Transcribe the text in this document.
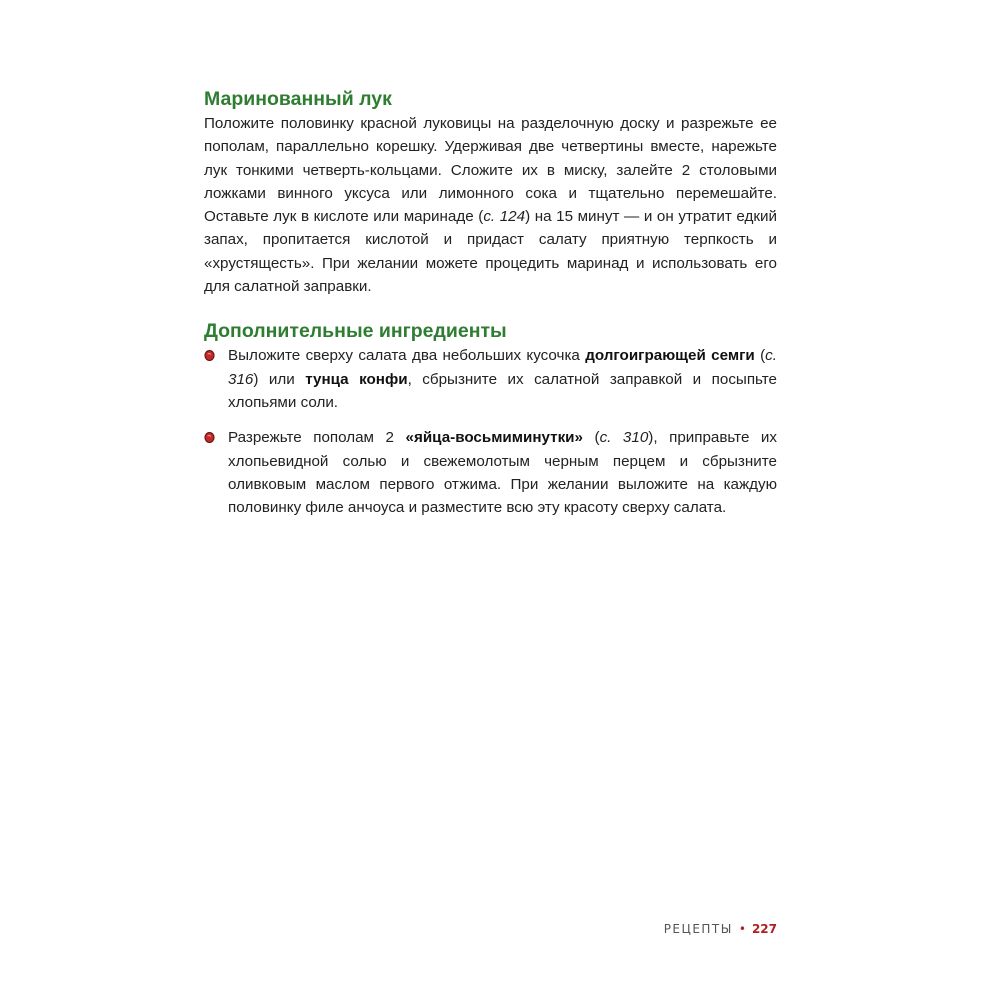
Маринованный лук

Положите половинку красной луковицы на разделочную доску и разрежьте ее пополам, параллельно корешку. Удерживая две четвертины вместе, нарежьте лук тонкими четверть-кольцами. Сложите их в миску, залейте 2 столовыми ложками винного уксуса или лимонного сока и тщательно перемешайте. Оставьте лук в кислоте или маринаде (с. 124) на 15 минут — и он утратит едкий запах, пропитается кислотой и придаст салату приятную терпкость и «хрустящесть». При желании можете процедить маринад и использовать его для салатной заправки.

Дополнительные ингредиенты
Выложите сверху салата два небольших кусочка долгоиграющей семги (с. 316) или тунца конфи, сбрызните их салатной заправкой и посыпьте хлопьями соли.
Разрежьте пополам 2 «яйца-восьмиминутки» (с. 310), приправьте их хлопьевидной солью и свежемолотым черным перцем и сбрызните оливковым маслом первого отжима. При желании выложите на каждую половинку филе анчоуса и разместите всю эту красоту сверху салата.
РЕЦЕПТЫ • 227
